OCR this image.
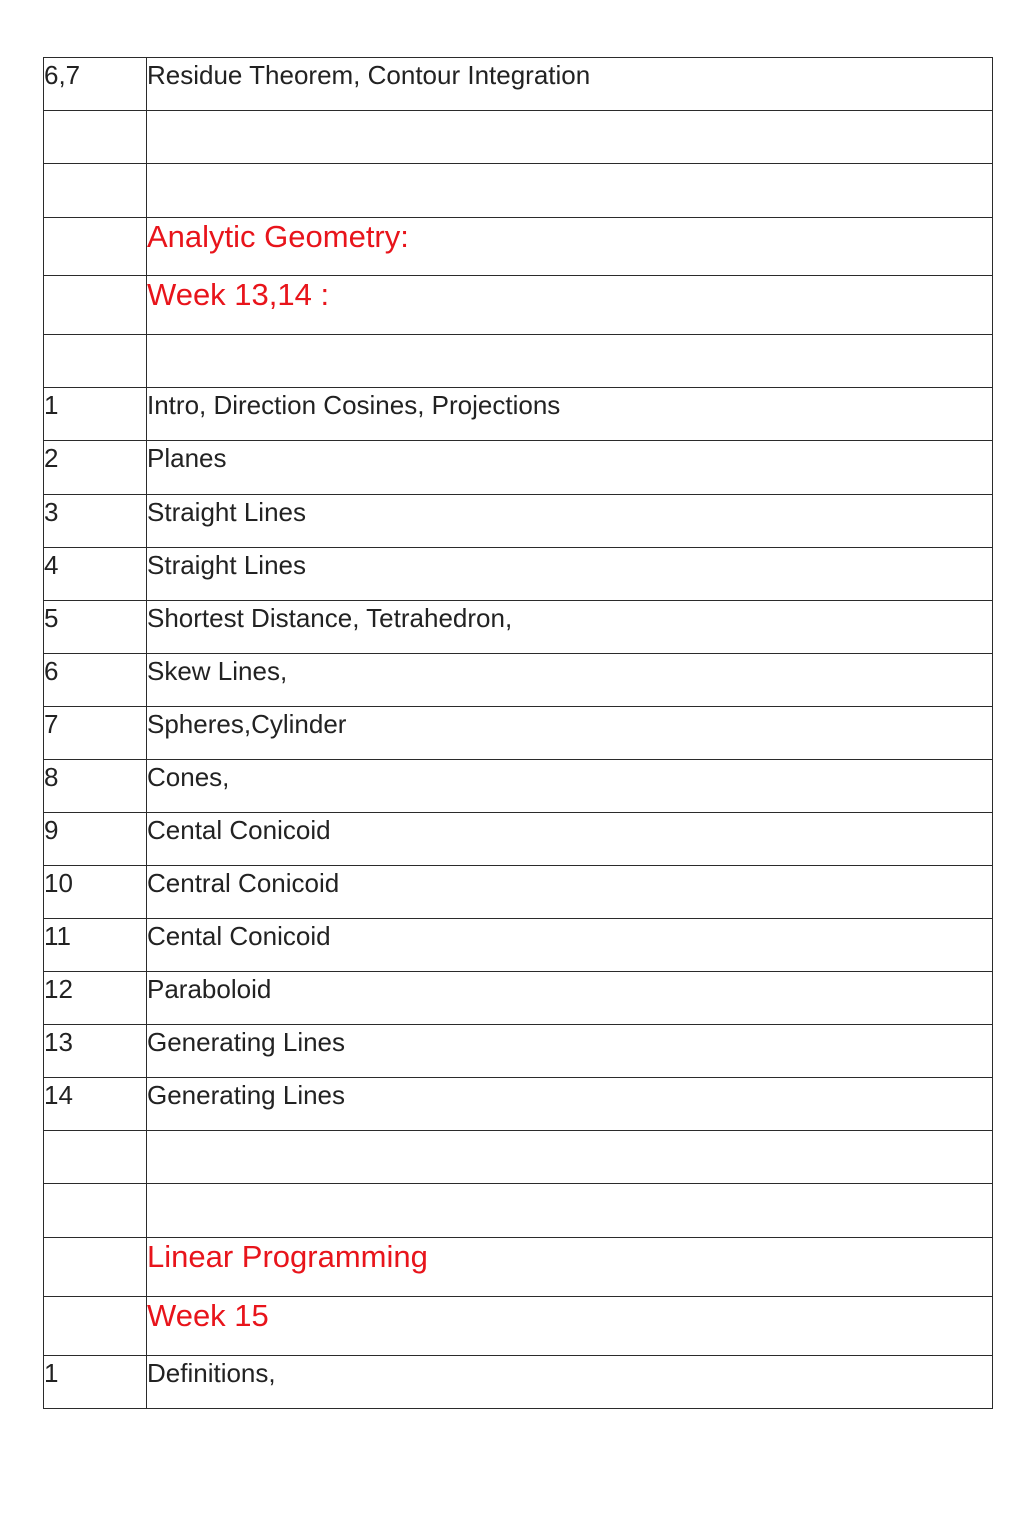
6,7	Residue Theorem, Contour Integration

	Analytic Geometry:
	Week 13,14 :

1	Intro, Direction Cosines, Projections
2	Planes
3	Straight Lines
4	Straight Lines
5	Shortest Distance, Tetrahedron,
6	Skew Lines,
7	Spheres,Cylinder
8	Cones,
9	Cental Conicoid
10	Central Conicoid
11	Cental Conicoid
12	Paraboloid
13	Generating Lines
14	Generating Lines

	Linear Programming
	Week 15
1	Definitions,
